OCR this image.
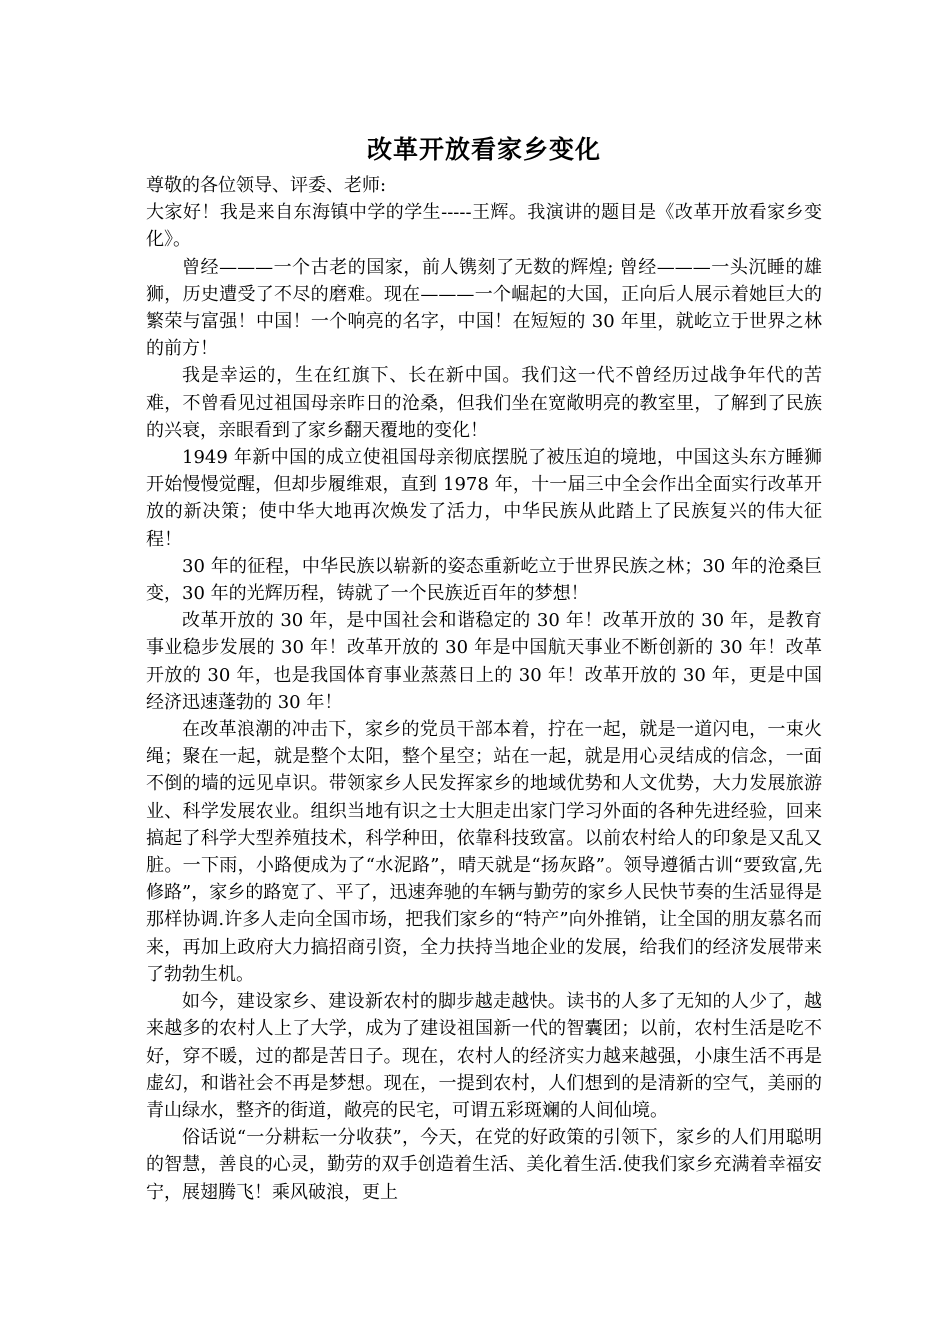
改革开放看家乡变化

尊敬的各位领导、评委、老师:

大家好！我是来自东海镇中学的学生-----王辉。我演讲的题目是《改革开放看家乡变化》。

曾经———一个古老的国家，前人镌刻了无数的辉煌; 曾经———一头沉睡的雄狮，历史遭受了不尽的磨难。现在———一个崛起的大国，正向后人展示着她巨大的繁荣与富强！中国！一个响亮的名字，中国！在短短的 30 年里，就屹立于世界之林的前方！

我是幸运的，生在红旗下、长在新中国。我们这一代不曾经历过战争年代的苦难，不曾看见过祖国母亲昨日的沧桑，但我们坐在宽敞明亮的教室里，了解到了民族的兴衰，亲眼看到了家乡翻天覆地的变化！

1949 年新中国的成立使祖国母亲彻底摆脱了被压迫的境地，中国这头东方睡狮开始慢慢觉醒，但却步履维艰，直到 1978 年，十一届三中全会作出全面实行改革开放的新决策；使中华大地再次焕发了活力，中华民族从此踏上了民族复兴的伟大征程！

30 年的征程，中华民族以崭新的姿态重新屹立于世界民族之林；30 年的沧桑巨变，30 年的光辉历程，铸就了一个民族近百年的梦想！

改革开放的 30 年，是中国社会和谐稳定的 30 年！改革开放的 30 年，是教育事业稳步发展的 30 年！改革开放的 30 年是中国航天事业不断创新的 30 年！改革开放的 30 年，也是我国体育事业蒸蒸日上的 30 年！改革开放的 30 年，更是中国经济迅速蓬勃的 30 年！

在改革浪潮的冲击下，家乡的党员干部本着，拧在一起，就是一道闪电，一束火绳；聚在一起，就是整个太阳，整个星空；站在一起，就是用心灵结成的信念，一面不倒的墙的远见卓识。带领家乡人民发挥家乡的地域优势和人文优势，大力发展旅游业、科学发展农业。组织当地有识之士大胆走出家门学习外面的各种先进经验，回来搞起了科学大型养殖技术，科学种田，依靠科技致富。以前农村给人的印象是又乱又脏。一下雨，小路便成为了“水泥路”，晴天就是“扬灰路”。领导遵循古训“要致富,先修路”，家乡的路宽了、平了，迅速奔驰的车辆与勤劳的家乡人民快节奏的生活显得是那样协调.许多人走向全国市场，把我们家乡的“特产”向外推销，让全国的朋友慕名而来，再加上政府大力搞招商引资，全力扶持当地企业的发展，给我们的经济发展带来了勃勃生机。

如今，建设家乡、建设新农村的脚步越走越快。读书的人多了无知的人少了，越来越多的农村人上了大学，成为了建设祖国新一代的智囊团；以前，农村生活是吃不好，穿不暖，过的都是苦日子。现在，农村人的经济实力越来越强，小康生活不再是虚幻，和谐社会不再是梦想。现在，一提到农村，人们想到的是清新的空气，美丽的青山绿水，整齐的街道，敞亮的民宅，可谓五彩斑斓的人间仙境。

俗话说“一分耕耘一分收获”，今天，在党的好政策的引领下，家乡的人们用聪明的智慧，善良的心灵，勤劳的双手创造着生活、美化着生活.使我们家乡充满着幸福安宁，展翅腾飞！乘风破浪，更上
